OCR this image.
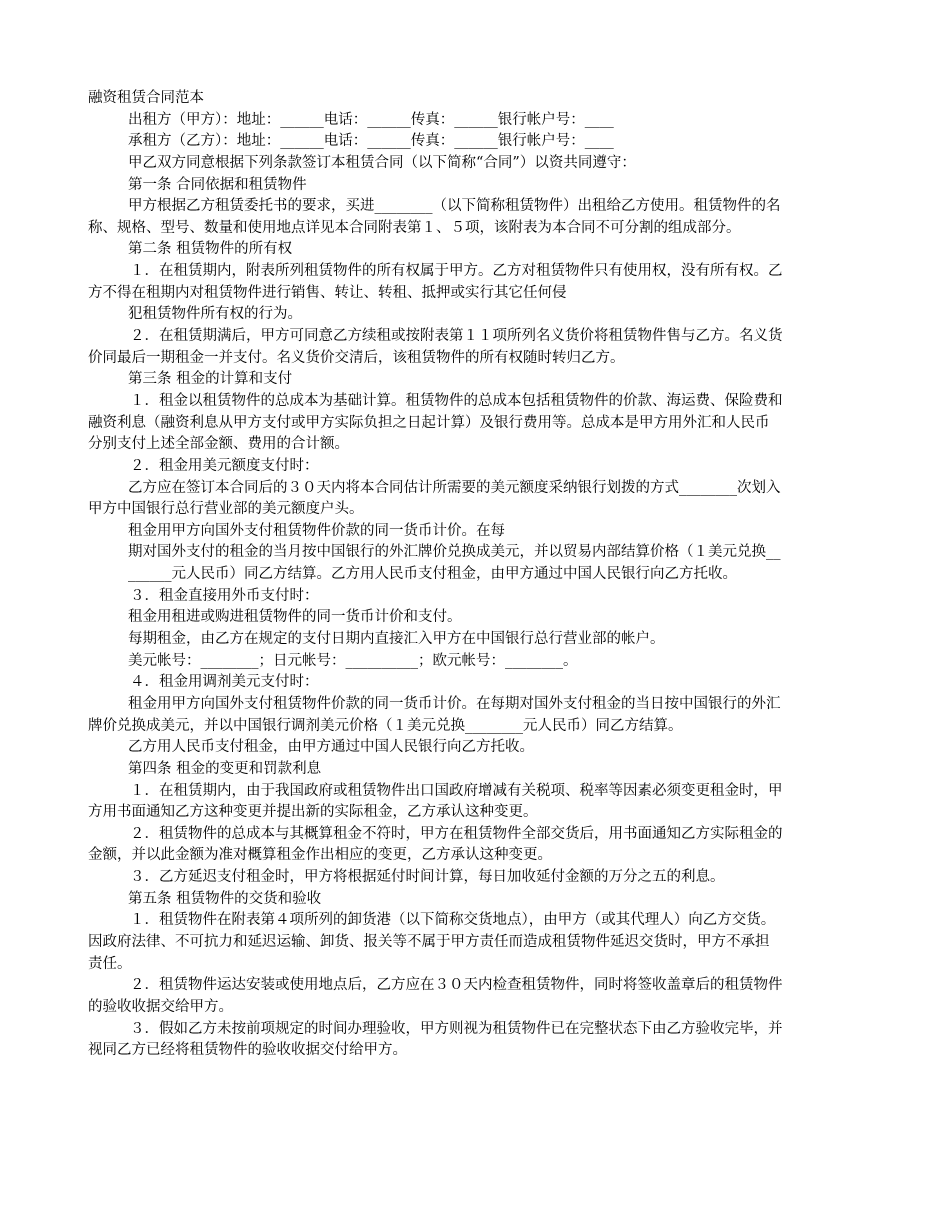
融资租赁合同范本
出租方（甲方）：地址：______电话：______传真：______银行帐户号：____
承租方（乙方）：地址：______电话：______传真：______银行帐户号：____
甲乙双方同意根据下列条款签订本租赁合同（以下简称“合同”）以资共同遵守：
第一条 合同依据和租赁物件
甲方根据乙方租赁委托书的要求，买进________（以下简称租赁物件）出租给乙方使用。租赁物件的名
称、规格、型号、数量和使用地点详见本合同附表第１、５项，该附表为本合同不可分割的组成部分。
第二条 租赁物件的所有权
１．在租赁期内，附表所列租赁物件的所有权属于甲方。乙方对租赁物件只有使用权，没有所有权。乙
方不得在租期内对租赁物件进行销售、转让、转租、抵押或实行其它任何侵
犯租赁物件所有权的行为。
２．在租赁期满后，甲方可同意乙方续租或按附表第１１项所列名义货价将租赁物件售与乙方。名义货
价同最后一期租金一并支付。名义货价交清后，该租赁物件的所有权随时转归乙方。
第三条 租金的计算和支付
１．租金以租赁物件的总成本为基础计算。租赁物件的总成本包括租赁物件的价款、海运费、保险费和
融资利息（融资利息从甲方支付或甲方实际负担之日起计算）及银行费用等。总成本是甲方用外汇和人民币
分别支付上述全部金额、费用的合计额。
２．租金用美元额度支付时：
乙方应在签订本合同后的３０天内将本合同估计所需要的美元额度采纳银行划拨的方式________次划入
甲方中国银行总行营业部的美元额度户头。
租金用甲方向国外支付租赁物件价款的同一货币计价。在每
期对国外支付的租金的当月按中国银行的外汇牌价兑换成美元，并以贸易内部结算价格（１美元兑换__
______元人民币）同乙方结算。乙方用人民币支付租金，由甲方通过中国人民银行向乙方托收。
３．租金直接用外币支付时：
租金用租进或购进租赁物件的同一货币计价和支付。
每期租金，由乙方在规定的支付日期内直接汇入甲方在中国银行总行营业部的帐户。
美元帐号：________；日元帐号：__________；欧元帐号：________。
４．租金用调剂美元支付时：
租金用甲方向国外支付租赁物件价款的同一货币计价。在每期对国外支付租金的当日按中国银行的外汇
牌价兑换成美元，并以中国银行调剂美元价格（１美元兑换________元人民币）同乙方结算。
乙方用人民币支付租金，由甲方通过中国人民银行向乙方托收。
第四条 租金的变更和罚款利息
１．在租赁期内，由于我国政府或租赁物件出口国政府增减有关税项、税率等因素必须变更租金时，甲
方用书面通知乙方这种变更并提出新的实际租金，乙方承认这种变更。
２．租赁物件的总成本与其概算租金不符时，甲方在租赁物件全部交货后，用书面通知乙方实际租金的
金额，并以此金额为准对概算租金作出相应的变更，乙方承认这种变更。
３．乙方延迟支付租金时，甲方将根据延付时间计算，每日加收延付金额的万分之五的利息。
第五条 租赁物件的交货和验收
１．租赁物件在附表第４项所列的卸货港（以下简称交货地点），由甲方（或其代理人）向乙方交货。
因政府法律、不可抗力和延迟运输、卸货、报关等不属于甲方责任而造成租赁物件延迟交货时，甲方不承担
责任。
２．租赁物件运达安装或使用地点后，乙方应在３０天内检查租赁物件，同时将签收盖章后的租赁物件
的验收收据交给甲方。
３．假如乙方未按前项规定的时间办理验收，甲方则视为租赁物件已在完整状态下由乙方验收完毕，并
视同乙方已经将租赁物件的验收收据交付给甲方。
